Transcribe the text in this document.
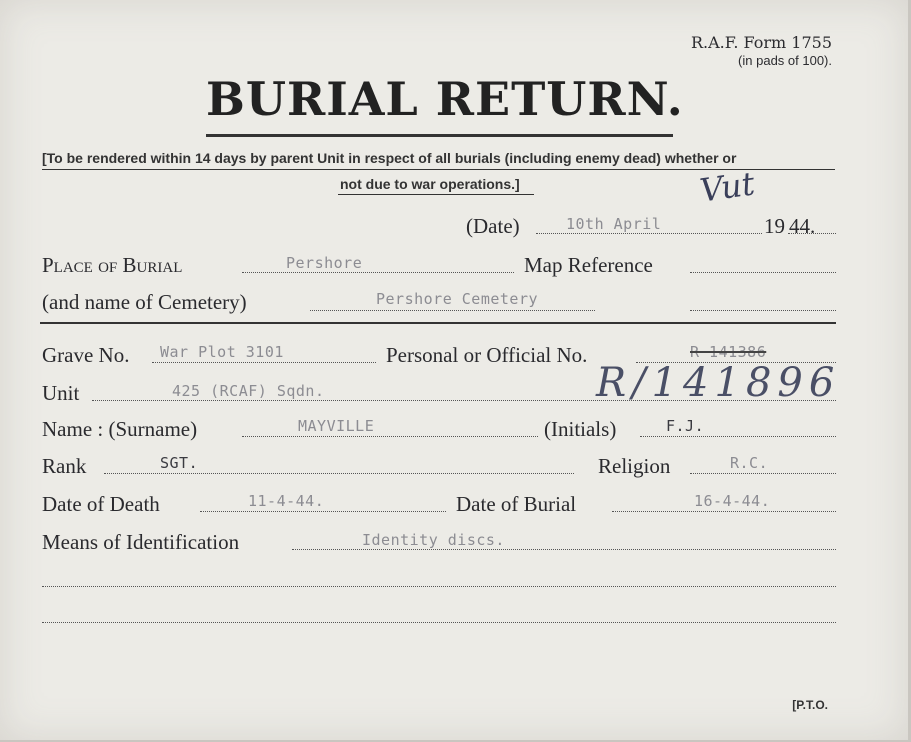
R.A.F. Form 1755
(in pads of 100).
BURIAL RETURN.
[To be rendered within 14 days by parent Unit in respect of all burials (including enemy dead) whether or
not due to war operations.]	Vut
(Date)	10th April	19 44.
Place of Burial	Pershore	Map Reference
(and name of Cemetery)	Pershore Cemetery
Grave No. War Plot 3101	Personal or Official No.	R 141386
Unit	425 (RCAF) Sqdn.	R/141896
Name : (Surname)	MAYVILLE	(Initials)	F.J.
Rank	SGT.	Religion	R.C.
Date of Death	11-4-44.	Date of Burial	16-4-44.
Means of Identification	Identity discs.
[P.T.O.
